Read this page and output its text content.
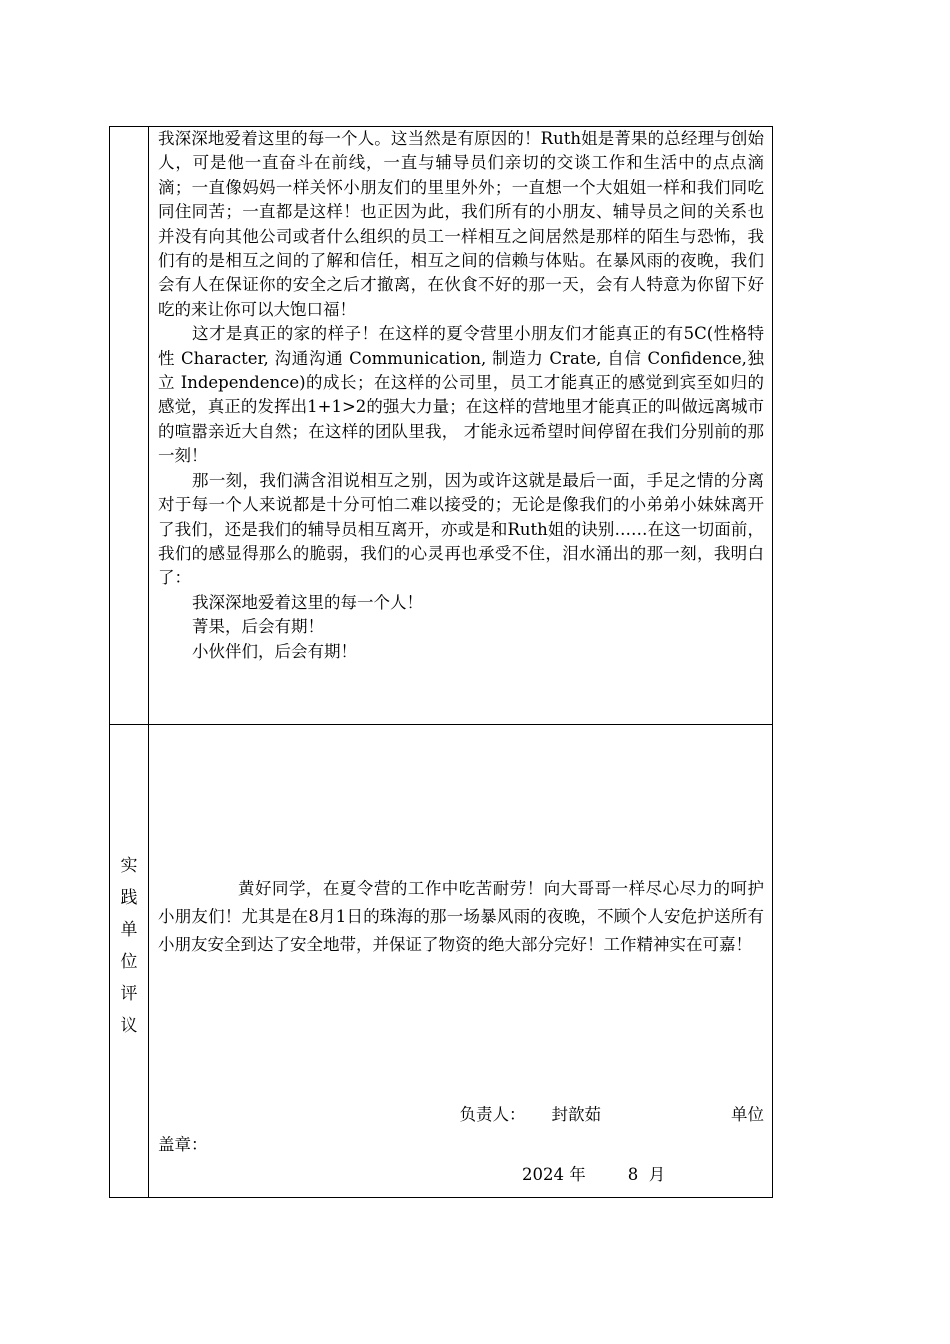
我深深地爱着这里的每一个人。这当然是有原因的！Ruth姐是菁果的总经理与创始人，可是他一直奋斗在前线，一直与辅导员们亲切的交谈工作和生活中的点点滴滴；一直像妈妈一样关怀小朋友们的里里外外；一直想一个大姐姐一样和我们同吃同住同苦；一直都是这样！也正因为此，我们所有的小朋友、辅导员之间的关系也并没有向其他公司或者什么组织的员工一样相互之间居然是那样的陌生与恐怖，我们有的是相互之间的了解和信任，相互之间的信赖与体贴。在暴风雨的夜晚，我们会有人在保证你的安全之后才撤离，在伙食不好的那一天，会有人特意为你留下好吃的来让你可以大饱口福！

这才是真正的家的样子！在这样的夏令营里小朋友们才能真正的有5C(性格特性 Character, 沟通沟通 Communication, 制造力 Crate, 自信 Confidence,独立 Independence)的成长；在这样的公司里，员工才能真正的感觉到宾至如归的感觉，真正的发挥出1+1>2的强大力量；在这样的营地里才能真正的叫做远离城市的喧嚣亲近大自然；在这样的团队里我， 才能永远希望时间停留在我们分别前的那一刻！

那一刻，我们满含泪说相互之别，因为或许这就是最后一面，手足之情的分离对于每一个人来说都是十分可怕二难以接受的；无论是像我们的小弟弟小妹妹离开了我们，还是我们的辅导员相互离开，亦或是和Ruth姐的诀别……在这一切面前，我们的感显得那么的脆弱，我们的心灵再也承受不住，泪水涌出的那一刻，我明白了：

我深深地爱着这里的每一个人！

菁果，后会有期！

小伙伴们，后会有期！

实
践
单
位
评
议
黄好同学，在夏令营的工作中吃苦耐劳！向大哥哥一样尽心尽力的呵护小朋友们！尤其是在8月1日的珠海的那一场暴风雨的夜晚，不顾个人安危护送所有小朋友安全到达了安全地带，并保证了物资的绝大部分完好！工作精神实在可嘉！
负责人： 封歆茹	单位
盖章：
2024 年	8 月
